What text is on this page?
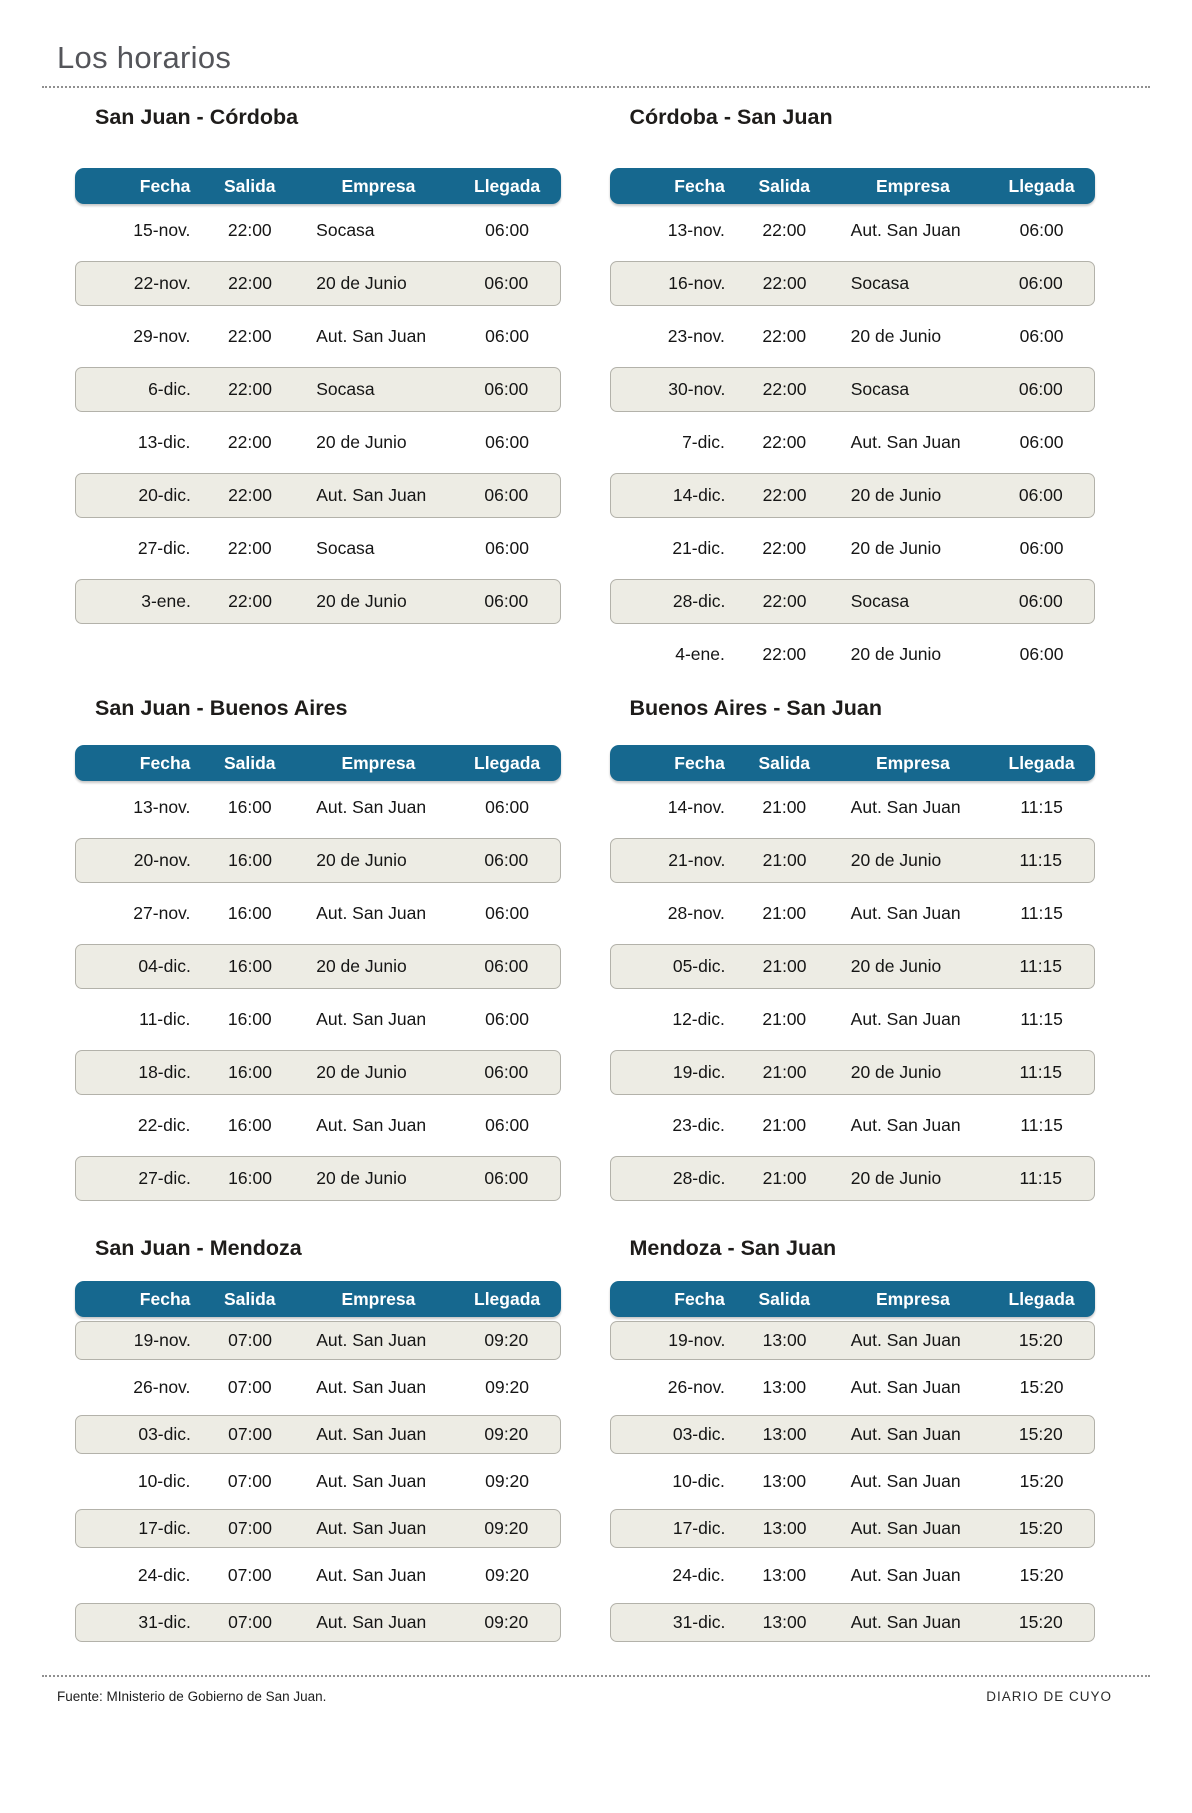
Los horarios
San Juan - Córdoba
Fecha	Salida	Empresa	Llegada
15-nov.	22:00	Socasa	06:00
22-nov.	22:00	20 de Junio	06:00
29-nov.	22:00	Aut. San Juan	06:00
6-dic.	22:00	Socasa	06:00
13-dic.	22:00	20 de Junio	06:00
20-dic.	22:00	Aut. San Juan	06:00
27-dic.	22:00	Socasa	06:00
3-ene.	22:00	20 de Junio	06:00
Córdoba - San Juan
Fecha	Salida	Empresa	Llegada
13-nov.	22:00	Aut. San Juan	06:00
16-nov.	22:00	Socasa	06:00
23-nov.	22:00	20 de Junio	06:00
30-nov.	22:00	Socasa	06:00
7-dic.	22:00	Aut. San Juan	06:00
14-dic.	22:00	20 de Junio	06:00
21-dic.	22:00	20 de Junio	06:00
28-dic.	22:00	Socasa	06:00
4-ene.	22:00	20 de Junio	06:00
San Juan - Buenos Aires
Fecha	Salida	Empresa	Llegada
13-nov.	16:00	Aut. San Juan	06:00
20-nov.	16:00	20 de Junio	06:00
27-nov.	16:00	Aut. San Juan	06:00
04-dic.	16:00	20 de Junio	06:00
11-dic.	16:00	Aut. San Juan	06:00
18-dic.	16:00	20 de Junio	06:00
22-dic.	16:00	Aut. San Juan	06:00
27-dic.	16:00	20 de Junio	06:00
Buenos Aires - San Juan
Fecha	Salida	Empresa	Llegada
14-nov.	21:00	Aut. San Juan	11:15
21-nov.	21:00	20 de Junio	11:15
28-nov.	21:00	Aut. San Juan	11:15
05-dic.	21:00	20 de Junio	11:15
12-dic.	21:00	Aut. San Juan	11:15
19-dic.	21:00	20 de Junio	11:15
23-dic.	21:00	Aut. San Juan	11:15
28-dic.	21:00	20 de Junio	11:15
San Juan - Mendoza
Fecha	Salida	Empresa	Llegada
19-nov.	07:00	Aut. San Juan	09:20
26-nov.	07:00	Aut. San Juan	09:20
03-dic.	07:00	Aut. San Juan	09:20
10-dic.	07:00	Aut. San Juan	09:20
17-dic.	07:00	Aut. San Juan	09:20
24-dic.	07:00	Aut. San Juan	09:20
31-dic.	07:00	Aut. San Juan	09:20
Mendoza - San Juan
Fecha	Salida	Empresa	Llegada
19-nov.	13:00	Aut. San Juan	15:20
26-nov.	13:00	Aut. San Juan	15:20
03-dic.	13:00	Aut. San Juan	15:20
10-dic.	13:00	Aut. San Juan	15:20
17-dic.	13:00	Aut. San Juan	15:20
24-dic.	13:00	Aut. San Juan	15:20
31-dic.	13:00	Aut. San Juan	15:20
Fuente: MInisterio de Gobierno de San Juan.	DIARIO DE CUYO
